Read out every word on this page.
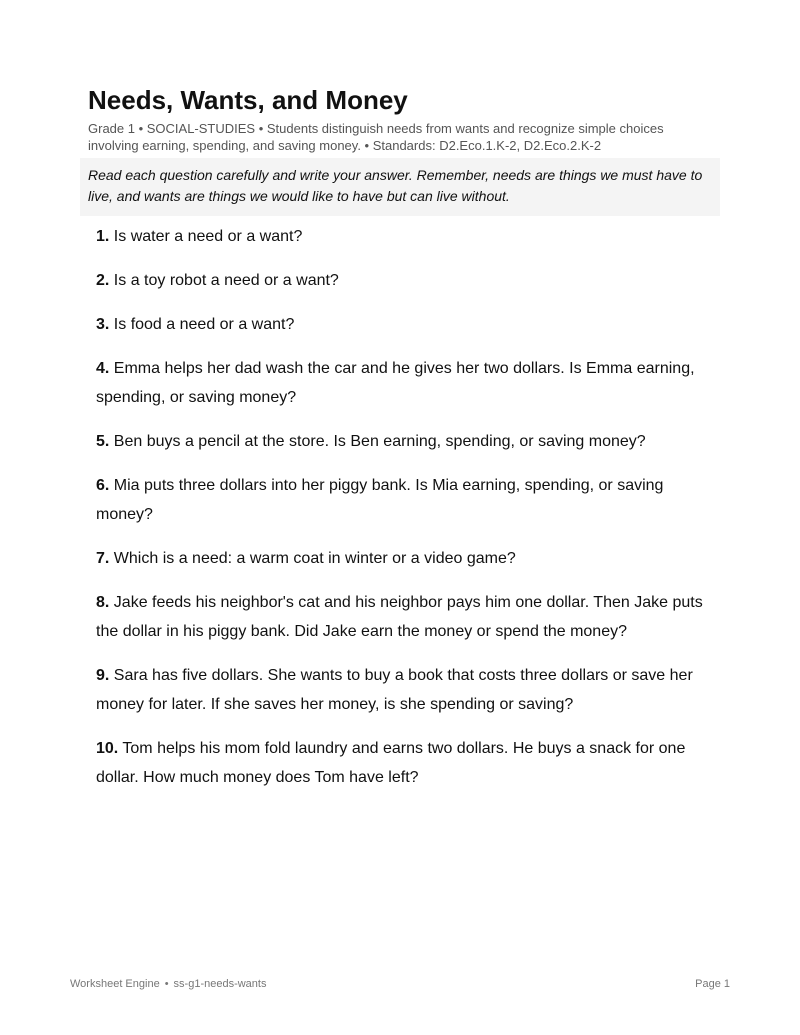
Needs, Wants, and Money
Grade 1 • SOCIAL-STUDIES • Students distinguish needs from wants and recognize simple choices involving earning, spending, and saving money. • Standards: D2.Eco.1.K-2, D2.Eco.2.K-2
Read each question carefully and write your answer. Remember, needs are things we must have to live, and wants are things we would like to have but can live without.
1. Is water a need or a want?
2. Is a toy robot a need or a want?
3. Is food a need or a want?
4. Emma helps her dad wash the car and he gives her two dollars. Is Emma earning, spending, or saving money?
5. Ben buys a pencil at the store. Is Ben earning, spending, or saving money?
6. Mia puts three dollars into her piggy bank. Is Mia earning, spending, or saving money?
7. Which is a need: a warm coat in winter or a video game?
8. Jake feeds his neighbor's cat and his neighbor pays him one dollar. Then Jake puts the dollar in his piggy bank. Did Jake earn the money or spend the money?
9. Sara has five dollars. She wants to buy a book that costs three dollars or save her money for later. If she saves her money, is she spending or saving?
10. Tom helps his mom fold laundry and earns two dollars. He buys a snack for one dollar. How much money does Tom have left?
Worksheet Engine • ss-g1-needs-wants	Page 1
